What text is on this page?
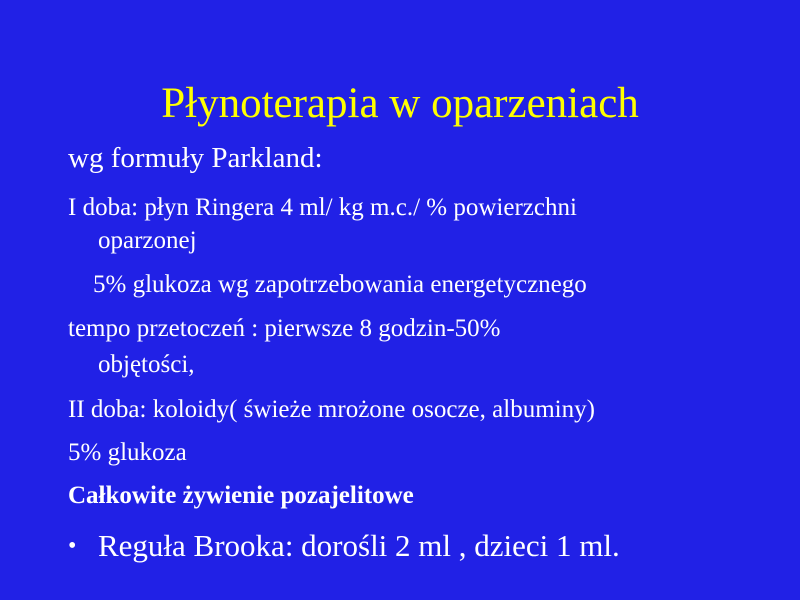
Płynoterapia w oparzeniach
wg formuły Parkland:
I doba: płyn Ringera 4 ml/ kg m.c./ % powierzchni
oparzonej
5% glukoza wg zapotrzebowania energetycznego
tempo przetoczeń : pierwsze 8 godzin-50%
objętości,
II doba: koloidy( świeże mrożone osocze, albuminy)
5% glukoza
Całkowite żywienie pozajelitowe
• Reguła Brooka: dorośli 2 ml , dzieci 1 ml.
